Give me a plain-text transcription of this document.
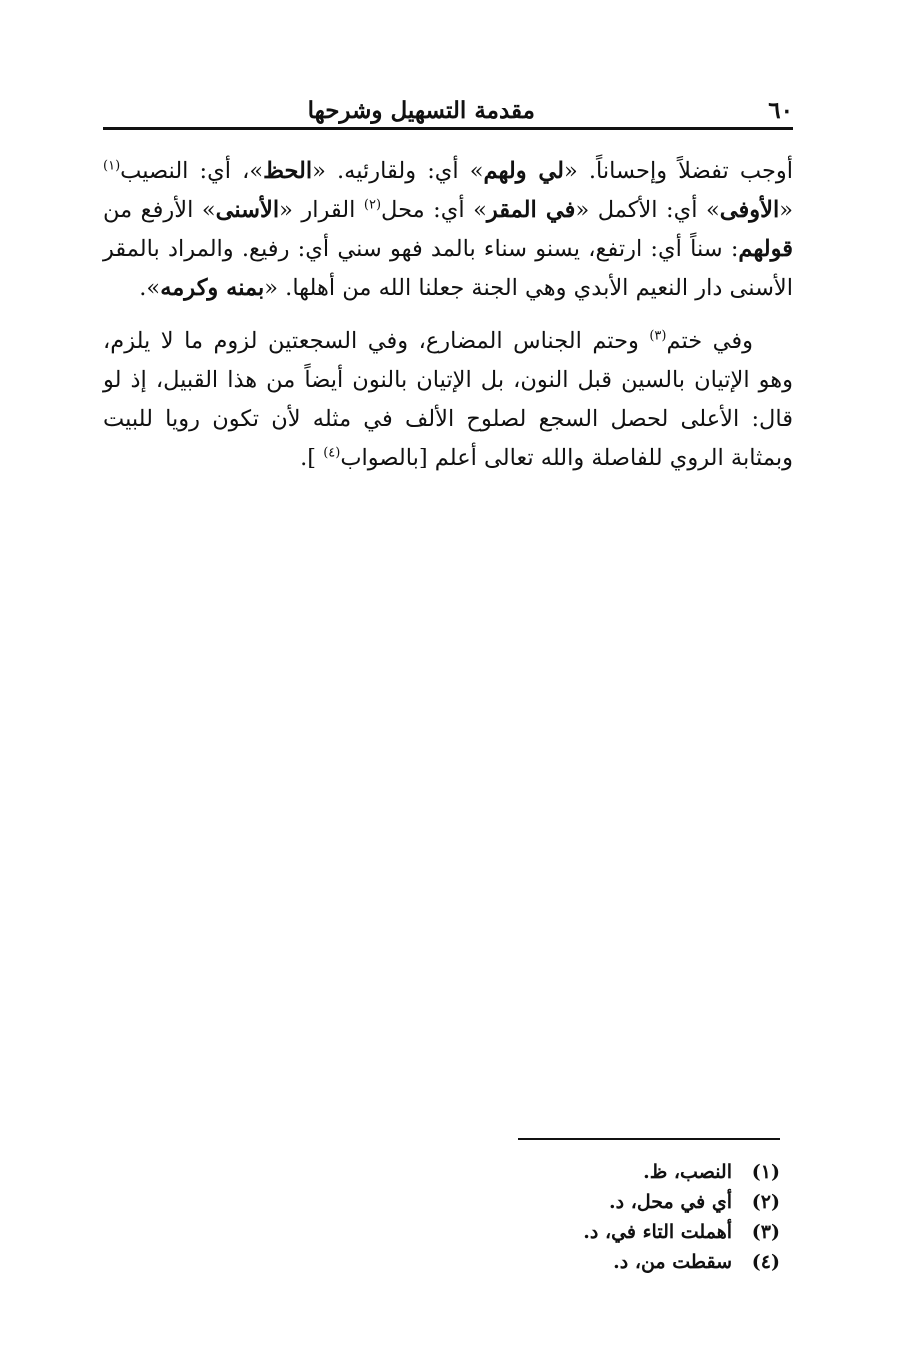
٦٠
مقدمة التسهيل وشرحها

أوجب تفضلاً وإحساناً. «لي ولهم» أي: ولقارئيه. «الحظ»، أي: النصيب$^{(١)}$ «الأوفى» أي: الأكمل «في المقر» أي: محل$^{(٢)}$ القرار «الأسنى» الأرفع من قولهم: سناً أي: ارتفع، يسنو سناء بالمد فهو سني أي: رفيع. والمراد بالمقر الأسنى دار النعيم الأبدي وهي الجنة جعلنا الله من أهلها. «بمنه وكرمه».

وفي ختم$^{(٣)}$ وحتم الجناس المضارع، وفي السجعتين لزوم ما لا يلزم، وهو الإتيان بالسين قبل النون، بل الإتيان بالنون أيضاً من هذا القبيل، إذ لو قال: الأعلى لحصل السجع لصلوح الألف في مثله لأن تكون رويا للبيت وبمثابة الروي للفاصلة والله تعالى أعلم [بالصواب$^{(٤)}$ ].

(١)
النصب، ظ.
(٢)
أي في محل، د.
(٣)
أهملت التاء في، د.
(٤)
سقطت من، د.
